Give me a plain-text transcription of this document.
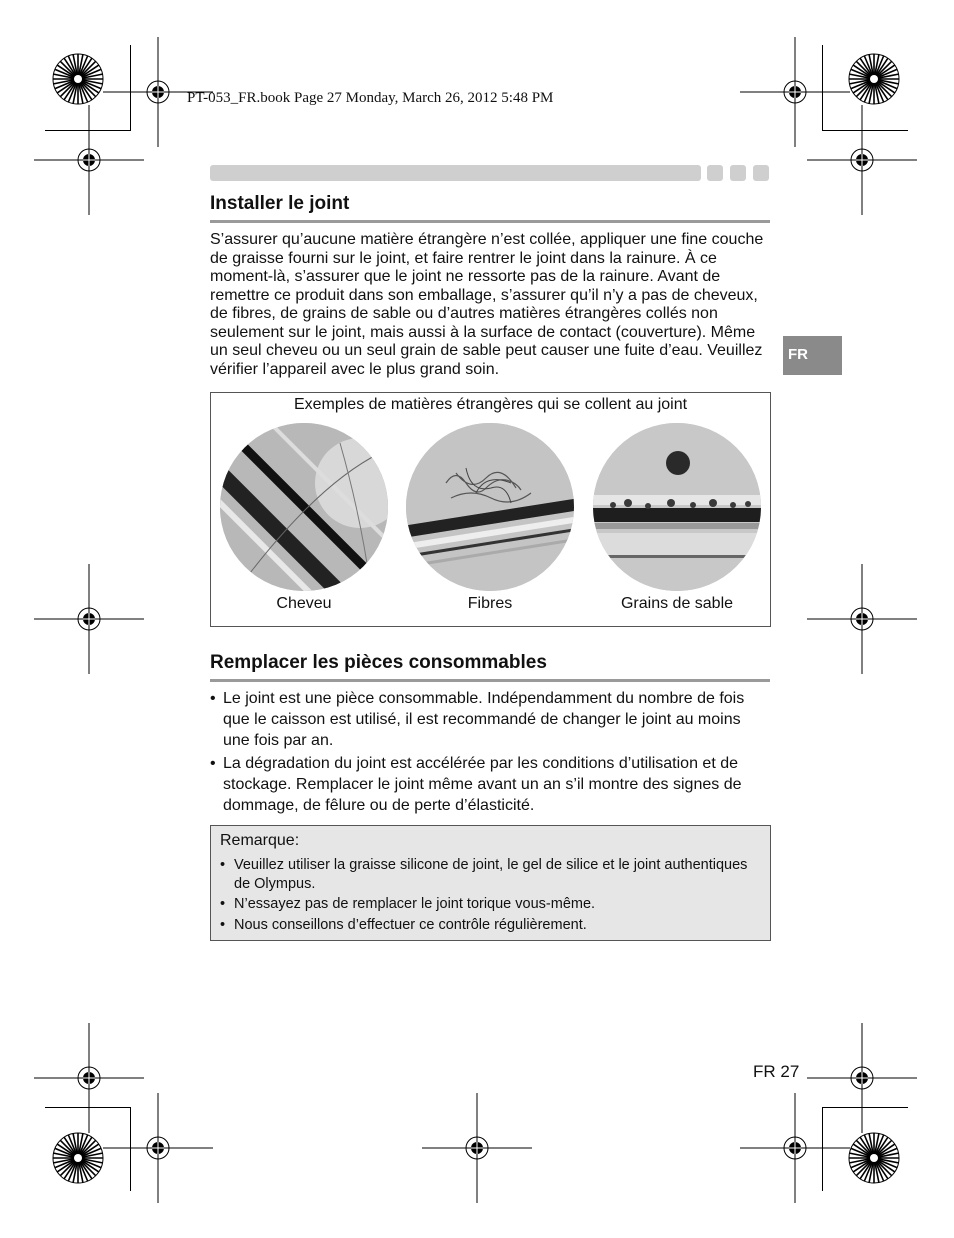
PT-053_FR.book Page 27 Monday, March 26, 2012 5:48 PM
Installer le joint
S’assurer qu’aucune matière étrangère n’est collée, appliquer une fine couche de graisse fourni sur le joint, et faire rentrer le joint dans la rainure. À ce moment-là, s’assurer que le joint ne ressorte pas de la rainure. Avant de remettre ce produit dans son emballage, s’assurer qu’il n’y a pas de cheveux, de fibres, de grains de sable ou d’autres matières étrangères collés non seulement sur le joint, mais aussi à la surface de contact (couverture). Même un seul cheveu ou un seul grain de sable peut causer une fuite d’eau. Veuillez vérifier l’appareil avec le plus grand soin.
FR
Exemples de matières étrangères qui se collent au joint
Cheveu	Fibres	Grains de sable
Remplacer les pièces consommables
• Le joint est une pièce consommable. Indépendamment du nombre de fois que le caisson est utilisé, il est recommandé de changer le joint au moins une fois par an.
• La dégradation du joint est accélérée par les conditions d’utilisation et de stockage. Remplacer le joint même avant un an s’il montre des signes de dommage, de fêlure ou de perte d’élasticité.
Remarque:
• Veuillez utiliser la graisse silicone de joint, le gel de silice et le joint authentiques de Olympus.
• N’essayez pas de remplacer le joint torique vous-même.
• Nous conseillons d’effectuer ce contrôle régulièrement.
FR 27
